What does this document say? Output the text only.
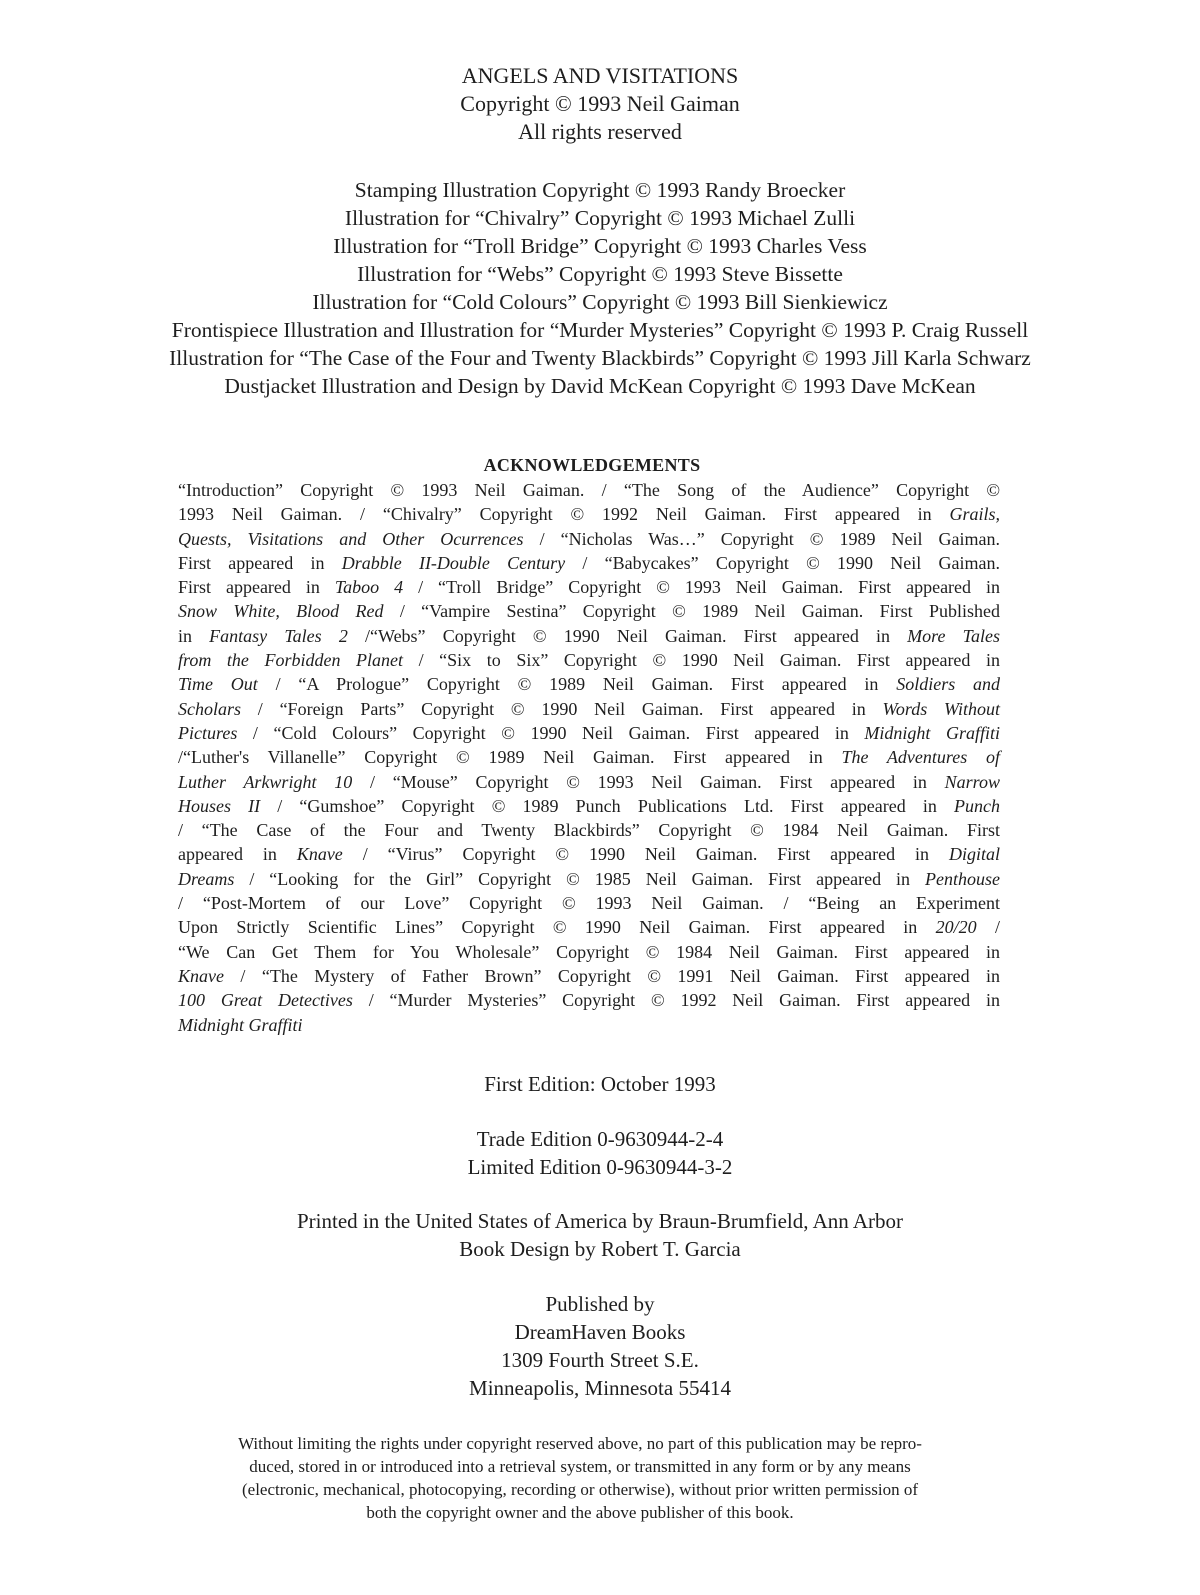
ANGELS AND VISITATIONS
Copyright © 1993 Neil Gaiman
All rights reserved
Stamping Illustration Copyright © 1993 Randy Broecker
Illustration for “Chivalry” Copyright © 1993 Michael Zulli
Illustration for “Troll Bridge” Copyright © 1993 Charles Vess
Illustration for “Webs” Copyright © 1993 Steve Bissette
Illustration for “Cold Colours” Copyright © 1993 Bill Sienkiewicz
Frontispiece Illustration and Illustration for “Murder Mysteries” Copyright © 1993 P. Craig Russell
Illustration for “The Case of the Four and Twenty Blackbirds” Copyright © 1993 Jill Karla Schwarz
Dustjacket Illustration and Design by David McKean Copyright © 1993 Dave McKean
ACKNOWLEDGEMENTS
“Introduction” Copyright © 1993 Neil Gaiman. / “The Song of the Audience” Copyright ©
1993 Neil Gaiman. / “Chivalry” Copyright © 1992 Neil Gaiman. First appeared in Grails,
Quests, Visitations and Other Ocurrences / “Nicholas Was…” Copyright © 1989 Neil Gaiman.
First appeared in Drabble II-Double Century / “Babycakes” Copyright © 1990 Neil Gaiman.
First appeared in Taboo 4 / “Troll Bridge” Copyright © 1993 Neil Gaiman. First appeared in
Snow White, Blood Red / “Vampire Sestina” Copyright © 1989 Neil Gaiman. First Published
in Fantasy Tales 2 /“Webs” Copyright © 1990 Neil Gaiman. First appeared in More Tales
from the Forbidden Planet / “Six to Six” Copyright © 1990 Neil Gaiman. First appeared in
Time Out / “A Prologue” Copyright © 1989 Neil Gaiman. First appeared in Soldiers and
Scholars / “Foreign Parts” Copyright © 1990 Neil Gaiman. First appeared in Words Without
Pictures / “Cold Colours” Copyright © 1990 Neil Gaiman. First appeared in Midnight Graffiti
/“Luther's Villanelle” Copyright © 1989 Neil Gaiman. First appeared in The Adventures of
Luther Arkwright 10 / “Mouse” Copyright © 1993 Neil Gaiman. First appeared in Narrow
Houses II / “Gumshoe” Copyright © 1989 Punch Publications Ltd. First appeared in Punch
/ “The Case of the Four and Twenty Blackbirds” Copyright © 1984 Neil Gaiman. First
appeared in Knave / “Virus” Copyright © 1990 Neil Gaiman. First appeared in Digital
Dreams / “Looking for the Girl” Copyright © 1985 Neil Gaiman. First appeared in Penthouse
/ “Post-Mortem of our Love” Copyright © 1993 Neil Gaiman. / “Being an Experiment
Upon Strictly Scientific Lines” Copyright © 1990 Neil Gaiman. First appeared in 20/20 /
“We Can Get Them for You Wholesale” Copyright © 1984 Neil Gaiman. First appeared in
Knave / “The Mystery of Father Brown” Copyright © 1991 Neil Gaiman. First appeared in
100 Great Detectives / “Murder Mysteries” Copyright © 1992 Neil Gaiman. First appeared in
Midnight Graffiti
First Edition: October 1993
Trade Edition 0-9630944-2-4
Limited Edition 0-9630944-3-2
Printed in the United States of America by Braun-Brumfield, Ann Arbor
Book Design by Robert T. Garcia
Published by
DreamHaven Books
1309 Fourth Street S.E.
Minneapolis, Minnesota 55414
Without limiting the rights under copyright reserved above, no part of this publication may be repro-
duced, stored in or introduced into a retrieval system, or transmitted in any form or by any means
(electronic, mechanical, photocopying, recording or otherwise), without prior written permission of
both the copyright owner and the above publisher of this book.
